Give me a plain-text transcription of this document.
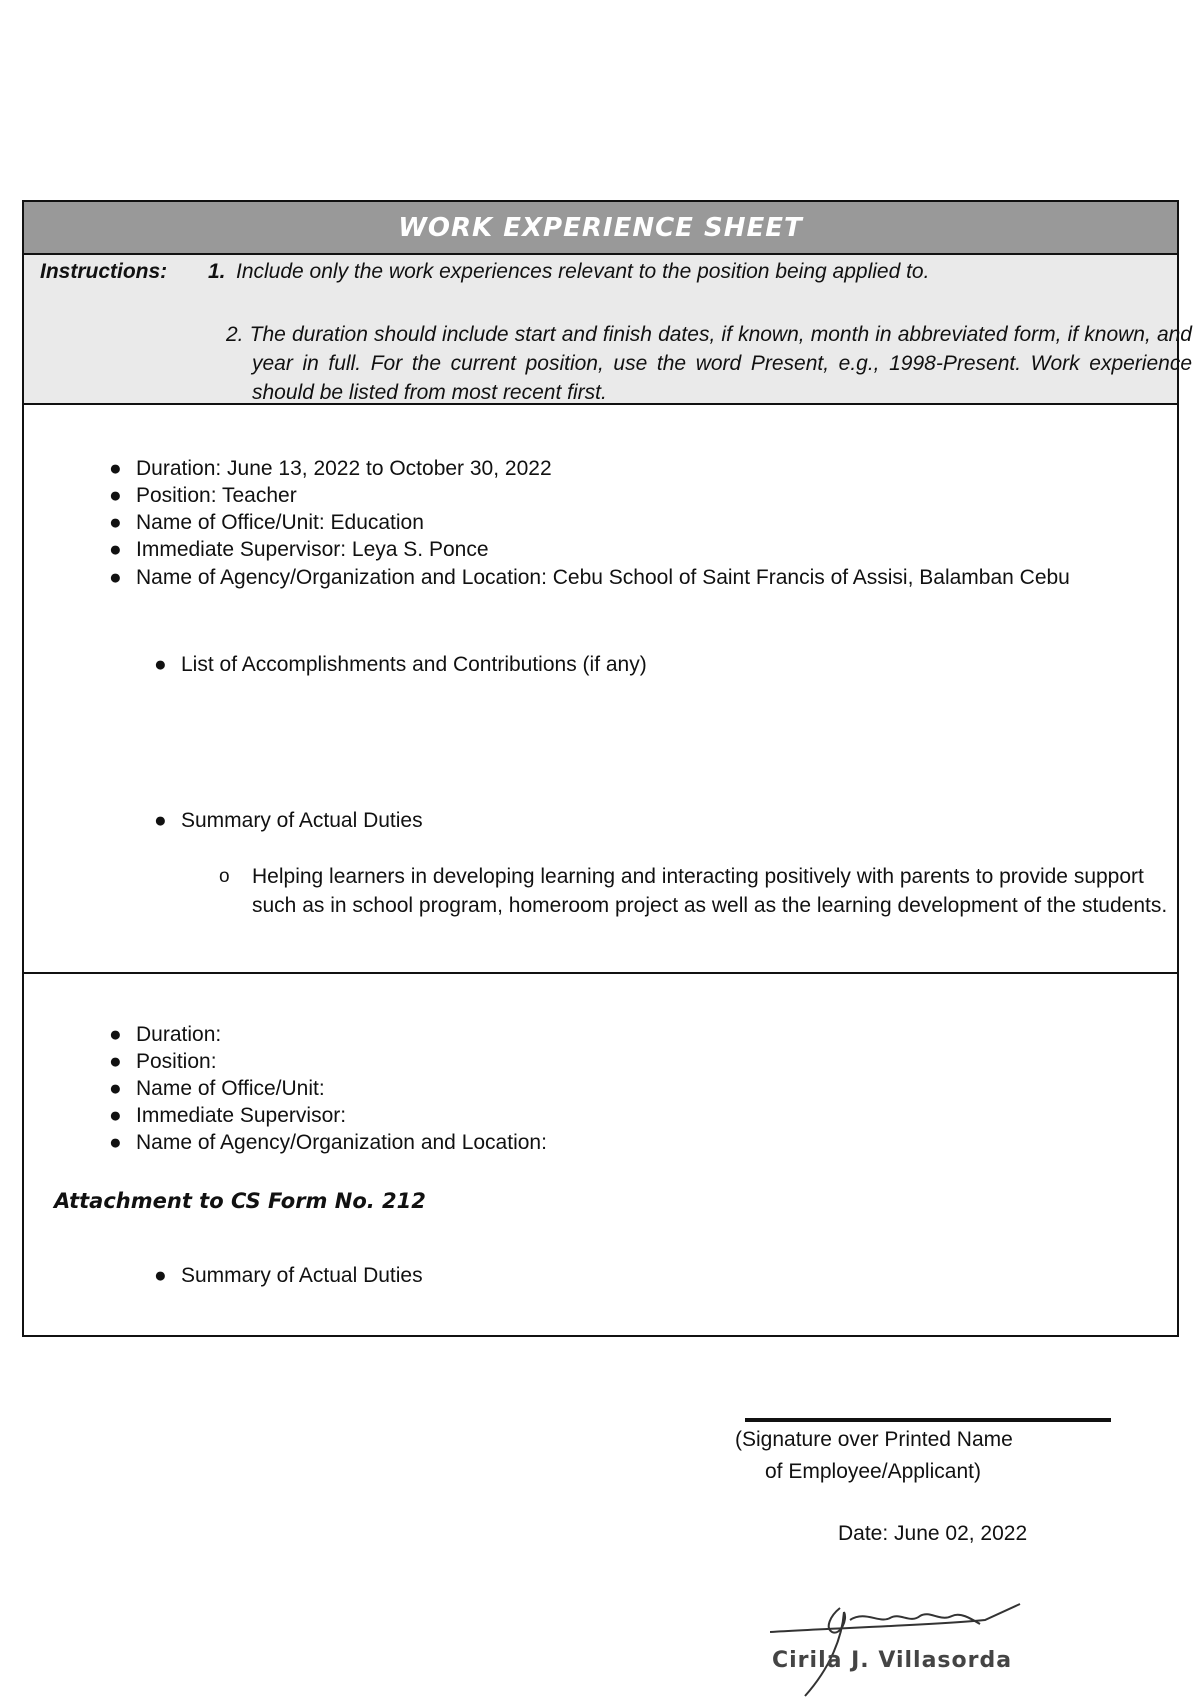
WORK EXPERIENCE SHEET
Instructions: 1. Include only the work experiences relevant to the position being applied to.
2. The duration should include start and finish dates, if known, month in abbreviated form, if known, and year in full. For the current position, use the word Present, e.g., 1998-Present. Work experience should be listed from most recent first.
● Duration: June 13, 2022 to October 30, 2022
● Position: Teacher
● Name of Office/Unit: Education
● Immediate Supervisor: Leya S. Ponce
● Name of Agency/Organization and Location: Cebu School of Saint Francis of Assisi, Balamban Cebu
● List of Accomplishments and Contributions (if any)
● Summary of Actual Duties
o Helping learners in developing learning and interacting positively with parents to provide support such as in school program, homeroom project as well as the learning development of the students.
● Duration:
● Position:
● Name of Office/Unit:
● Immediate Supervisor:
● Name of Agency/Organization and Location:
Attachment to CS Form No. 212
● Summary of Actual Duties
(Signature over Printed Name
of Employee/Applicant)
Date: June 02, 2022
Cirila J. Villasorda
